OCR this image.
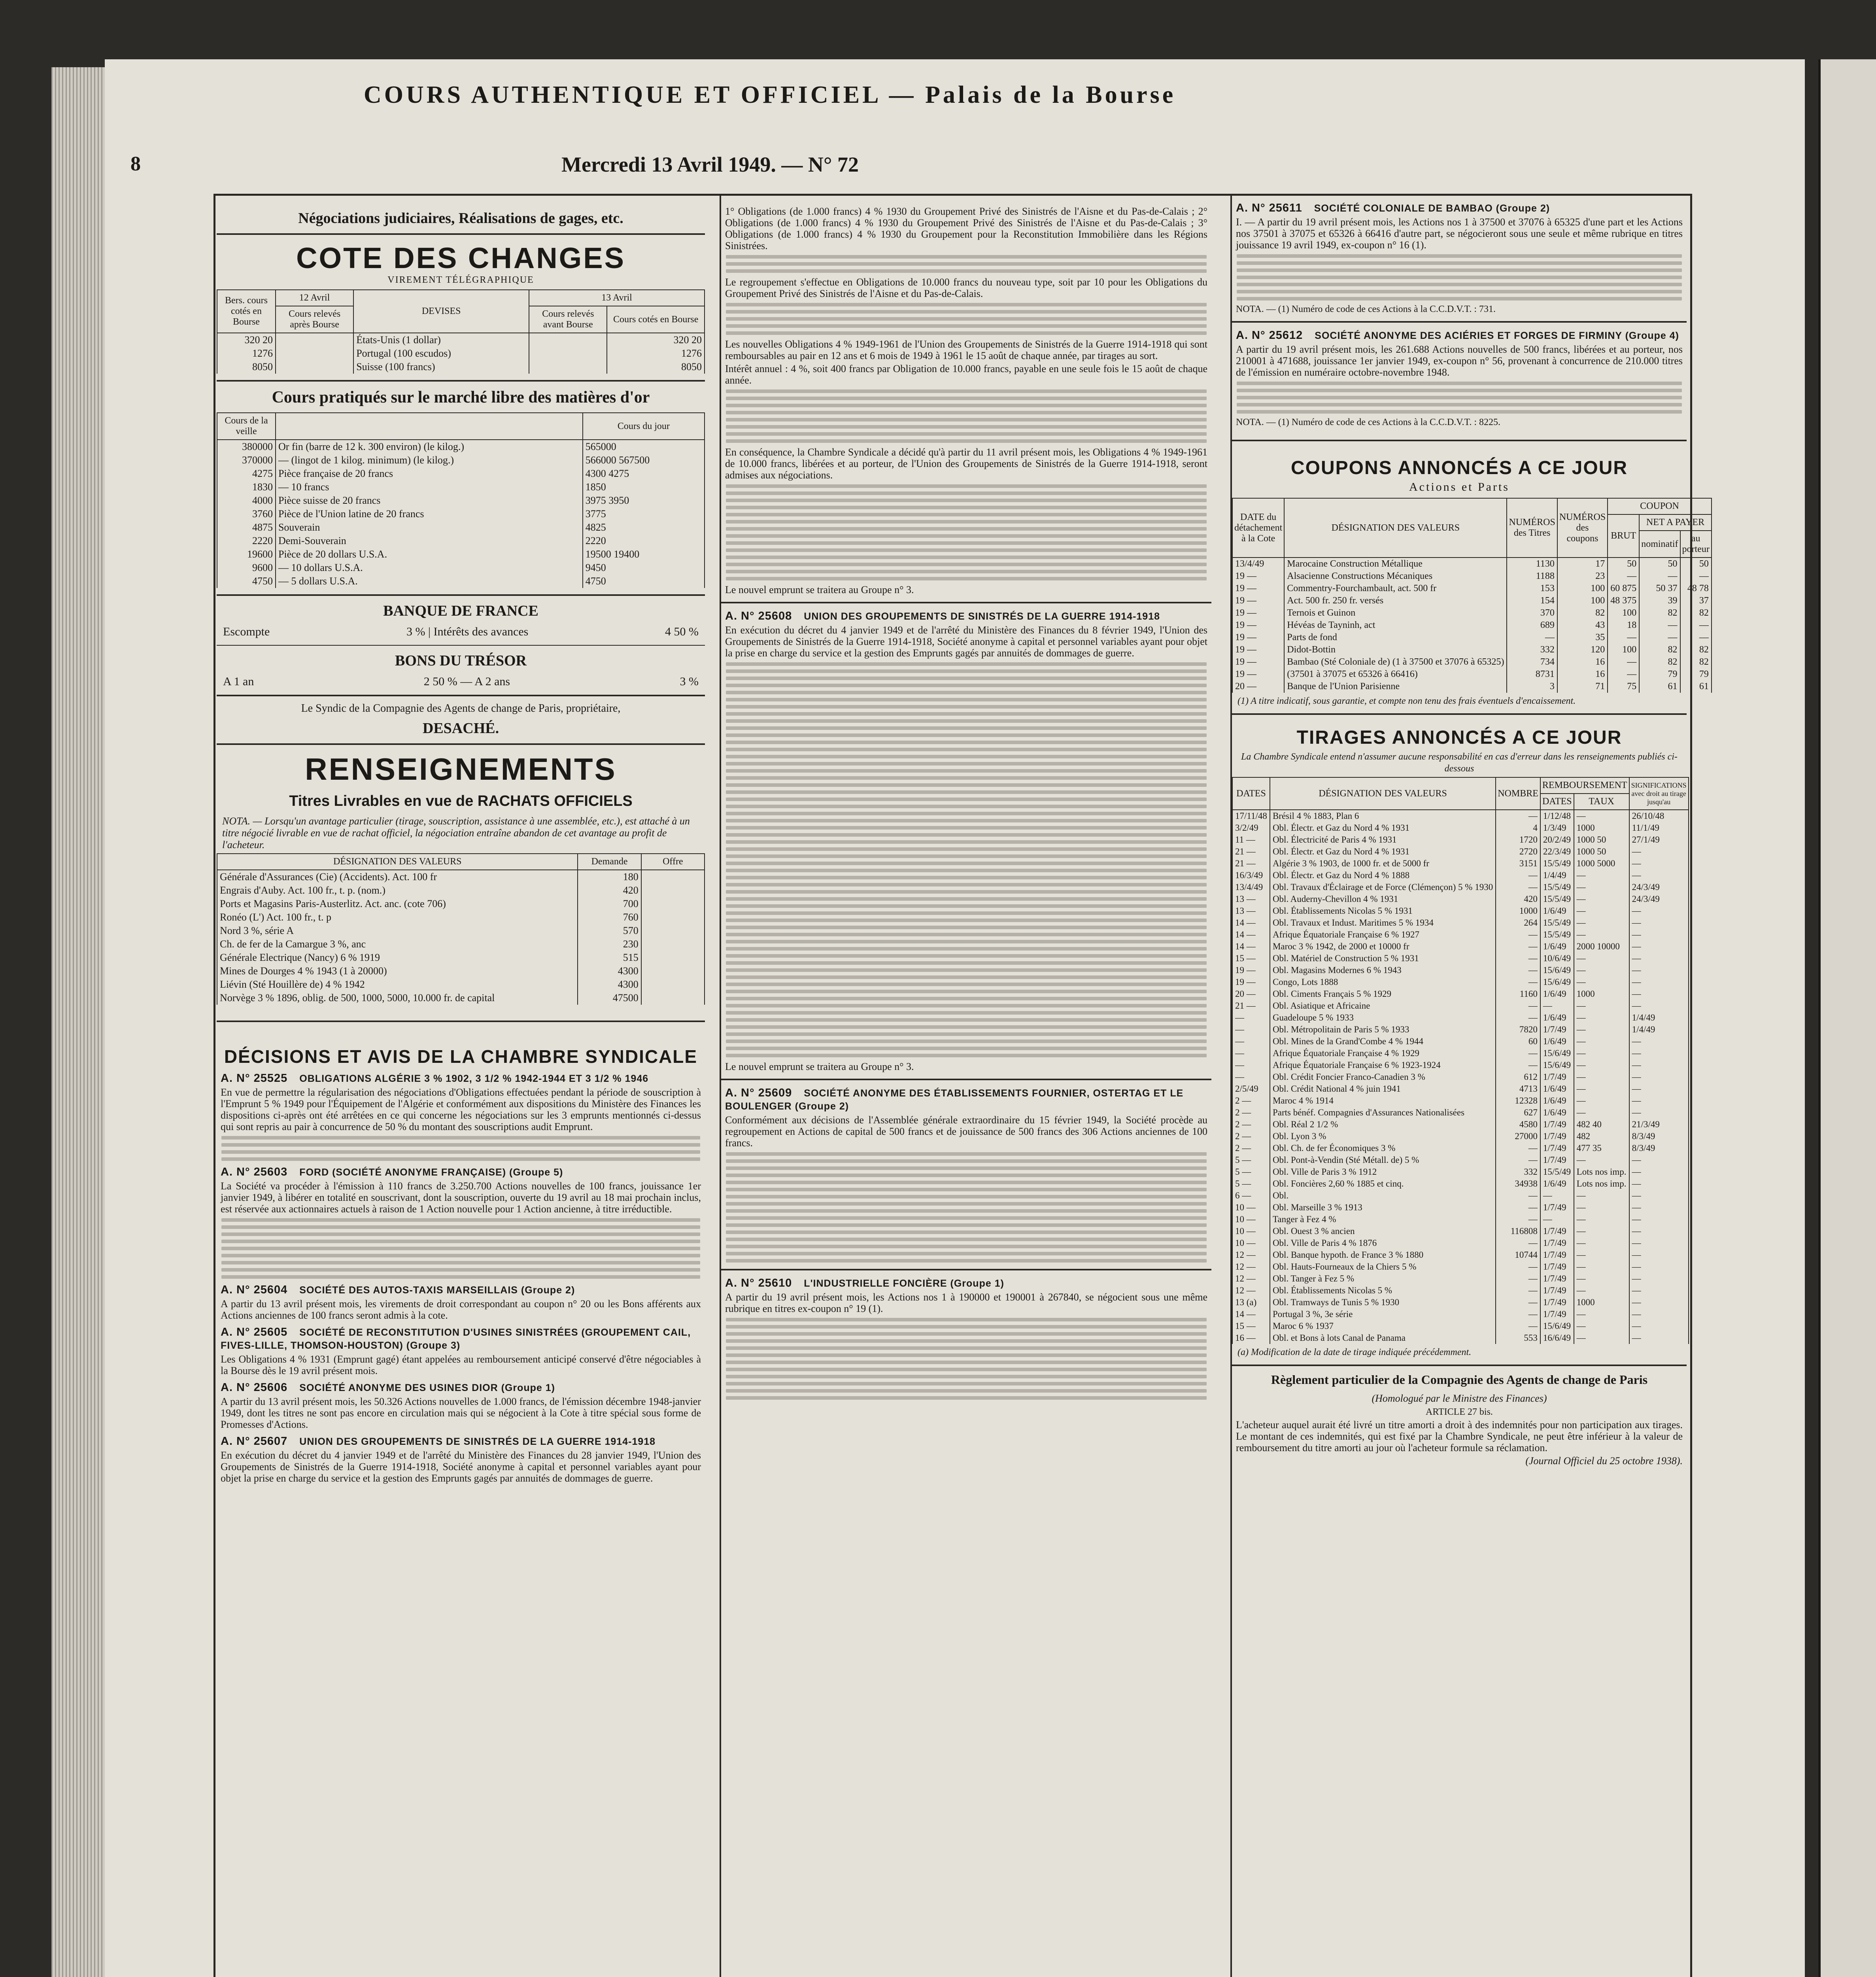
COURS AUTHENTIQUE ET OFFICIEL — Palais de la Bourse
8	Mercredi 13 Avril 1949. — N° 72
Négociations judiciaires, Réalisations de gages, etc.
COTE DES CHANGES
VIREMENT TÉLÉGRAPHIQUE
Bers. cours cotés en Bourse	12 Avril	DEVISES	13 Avril	
	Cours relevés après Bourse		Cours relevés avant Bourse	Cours cotés en Bourse
320 20		États-Unis (1 dollar)		320 20
1276		Portugal (100 escudos)		1276
8050		Suisse (100 francs)		8050
Cours pratiqués sur le marché libre des matières d'or
Cours de la veille		Cours du jour
380000	Or fin (barre de 12 k. 300 environ) (le kilog.)	565000
370000	— (lingot de 1 kilog. minimum) (le kilog.)	566000 567500
4275	Pièce française de 20 francs	4300 4275
1830	— 10 francs	1850
4000	Pièce suisse de 20 francs	3975 3950
3760	Pièce de l'Union latine de 20 francs	3775
4875	Souverain	4825
2220	Demi-Souverain	2220
19600	Pièce de 20 dollars U.S.A.	19500 19400
9600	— 10 dollars U.S.A.	9450
4750	— 5 dollars U.S.A.	4750
BANQUE DE FRANCE
Escompte	3 % | Intérêts des avances	4 50 %
BONS DU TRÉSOR
A 1 an	2 50 % — A 2 ans	3 %
Le Syndic de la Compagnie des Agents de change de Paris, propriétaire,
DESACHÉ.
RENSEIGNEMENTS
Titres Livrables en vue de RACHATS OFFICIELS
NOTA. — Lorsqu'un avantage particulier (tirage, souscription, assistance à une assemblée, etc.), est attaché à un titre négocié livrable en vue de rachat officiel, la négociation entraîne abandon de cet avantage au profit de l'acheteur.
DÉSIGNATION DES VALEURS	Demande	Offre
Générale d'Assurances (Cie) (Accidents). Act. 100 fr	180	
Engrais d'Auby. Act. 100 fr., t. p. (nom.)	420	
Ports et Magasins Paris-Austerlitz. Act. anc. (cote 706)	700	
Ronéo (L') Act. 100 fr., t. p	760	
Nord 3 %, série A	570	
Ch. de fer de la Camargue 3 %, anc	230	
Générale Electrique (Nancy) 6 % 1919	515	
Mines de Dourges 4 % 1943 (1 à 20000)	4300	
Liévin (Sté Houillère de) 4 % 1942	4300	
Norvège 3 % 1896, oblig. de 500, 1000, 5000, 10.000 fr. de capital	47500	
DÉCISIONS ET AVIS DE LA CHAMBRE SYNDICALE
A. N° 25525 OBLIGATIONS ALGÉRIE 3 % 1902, 3 1/2 % 1942-1944 ET 3 1/2 % 1946
En vue de permettre la régularisation des négociations d'Obligations effectuées pendant la période de souscription à l'Emprunt 5 % 1949 pour l'Équipement de l'Algérie et conformément aux dispositions du Ministère des Finances les dispositions ci-après ont été arrêtées en ce qui concerne les négociations sur les 3 emprunts mentionnés ci-dessus qui sont repris au pair à concurrence de 50 % du montant des souscriptions audit Emprunt.
A. N° 25603 FORD (SOCIÉTÉ ANONYME FRANÇAISE) (Groupe 5)
La Société va procéder à l'émission à 110 francs de 3.250.700 Actions nouvelles de 100 francs, jouissance 1er janvier 1949, à libérer en totalité en souscrivant, dont la souscription, ouverte du 19 avril au 18 mai prochain inclus, est réservée aux actionnaires actuels à raison de 1 Action nouvelle pour 1 Action ancienne, à titre irréductible.
A. N° 25604 SOCIÉTÉ DES AUTOS-TAXIS MARSEILLAIS (Groupe 2)
A partir du 13 avril présent mois, les virements de droit correspondant au coupon n° 20 ou les Bons afférents aux Actions anciennes de 100 francs seront admis à la cote.
A. N° 25605 SOCIÉTÉ DE RECONSTITUTION D'USINES SINISTRÉES (GROUPEMENT CAIL, FIVES-LILLE, THOMSON-HOUSTON) (Groupe 3)
Les Obligations 4 % 1931 (Emprunt gagé) étant appelées au remboursement anticipé conservé d'être négociables à la Bourse dès le 19 avril présent mois.
A. N° 25606 SOCIÉTÉ ANONYME DES USINES DIOR (Groupe 1)
A partir du 13 avril présent mois, les 50.326 Actions nouvelles de 1.000 francs, de l'émission décembre 1948-janvier 1949, dont les titres ne sont pas encore en circulation mais qui se négocient à la Cote à titre spécial sous forme de Promesses d'Actions.
A. N° 25607 UNION DES GROUPEMENTS DE SINISTRÉS DE LA GUERRE 1914-1918
En exécution du décret du 4 janvier 1949 et de l'arrêté du Ministère des Finances du 28 janvier 1949, l'Union des Groupements de Sinistrés de la Guerre 1914-1918, Société anonyme à capital et personnel variables ayant pour objet la prise en charge du service et la gestion des Emprunts gagés par annuités de dommages de guerre.
1° Obligations (de 1.000 francs) 4 % 1930 du Groupement Privé des Sinistrés de l'Aisne et du Pas-de-Calais ; 2° Obligations (de 1.000 francs) 4 % 1930 du Groupement Privé des Sinistrés de l'Aisne et du Pas-de-Calais ; 3° Obligations (de 1.000 francs) 4 % 1930 du Groupement pour la Reconstitution Immobilière dans les Régions Sinistrées.
Le regroupement s'effectue en Obligations de 10.000 francs du nouveau type, soit par 10 pour les Obligations du Groupement Privé des Sinistrés de l'Aisne et du Pas-de-Calais.
Les nouvelles Obligations 4 % 1949-1961 de l'Union des Groupements de Sinistrés de la Guerre 1914-1918 qui sont remboursables au pair en 12 ans et 6 mois de 1949 à 1961 le 15 août de chaque année, par tirages au sort.
Intérêt annuel : 4 %, soit 400 francs par Obligation de 10.000 francs, payable en une seule fois le 15 août de chaque année.
En conséquence, la Chambre Syndicale a décidé qu'à partir du 11 avril présent mois, les Obligations 4 % 1949-1961 de 10.000 francs, libérées et au porteur, de l'Union des Groupements de Sinistrés de la Guerre 1914-1918, seront admises aux négociations.
Le nouvel emprunt se traitera au Groupe n° 3.
A. N° 25608 UNION DES GROUPEMENTS DE SINISTRÉS DE LA GUERRE 1914-1918
En exécution du décret du 4 janvier 1949 et de l'arrêté du Ministère des Finances du 8 février 1949, l'Union des Groupements de Sinistrés de la Guerre 1914-1918, Société anonyme à capital et personnel variables ayant pour objet la prise en charge du service et la gestion des Emprunts gagés par annuités de dommages de guerre.
Le nouvel emprunt se traitera au Groupe n° 3.
A. N° 25609 SOCIÉTÉ ANONYME DES ÉTABLISSEMENTS FOURNIER, OSTERTAG ET LE BOULENGER (Groupe 2)
Conformément aux décisions de l'Assemblée générale extraordinaire du 15 février 1949, la Société procède au regroupement en Actions de capital de 500 francs et de jouissance de 500 francs des 306 Actions anciennes de 100 francs.
A. N° 25610 L'INDUSTRIELLE FONCIÈRE (Groupe 1)
A partir du 19 avril présent mois, les Actions nos 1 à 190000 et 190001 à 267840, se négocient sous une même rubrique en titres ex-coupon n° 19 (1).
A. N° 25611 SOCIÉTÉ COLONIALE DE BAMBAO (Groupe 2)
I. — A partir du 19 avril présent mois, les Actions nos 1 à 37500 et 37076 à 65325 d'une part et les Actions nos 37501 à 37075 et 65326 à 66416 d'autre part, se négocieront sous une seule et même rubrique en titres jouissance 19 avril 1949, ex-coupon n° 16 (1).
NOTA. — (1) Numéro de code de ces Actions à la C.C.D.V.T. : 731.
A. N° 25612 SOCIÉTÉ ANONYME DES ACIÉRIES ET FORGES DE FIRMINY (Groupe 4)
A partir du 19 avril présent mois, les 261.688 Actions nouvelles de 500 francs, libérées et au porteur, nos 210001 à 471688, jouissance 1er janvier 1949, ex-coupon n° 56, provenant à concurrence de 210.000 titres de l'émission en numéraire octobre-novembre 1948.
NOTA. — (1) Numéro de code de ces Actions à la C.C.D.V.T. : 8225.
COUPONS ANNONCÉS A CE JOUR
Actions et Parts
DATE du détachement à la Cote	DÉSIGNATION DES VALEURS	NUMÉROS des Titres	NUMÉROS des coupons	COUPON		
				BRUT	NET A PAYER	
					nominatif	au porteur
13/4/49	Marocaine Construction Métallique	1130	17	50	50	50
19 —	Alsacienne Constructions Mécaniques	1188	23	—	—	—
19 —	Commentry-Fourchambault, act. 500 fr	153	100	60 875	50 37	48 78
19 —	Act. 500 fr. 250 fr. versés	154	100	48 375	39	37
19 —	Ternois et Guinon	370	82	100	82	82
19 —	Hévéas de Tayninh, act	689	43	18	—	—
19 —	Parts de fond	—	35	—	—	—
19 —	Didot-Bottin	332	120	100	82	82
19 —	Bambao (Sté Coloniale de) (1 à 37500 et 37076 à 65325)	734	16	—	82	82
19 —	(37501 à 37075 et 65326 à 66416)	8731	16	—	79	79
20 —	Banque de l'Union Parisienne	3	71	75	61	61
(1) A titre indicatif, sous garantie, et compte non tenu des frais éventuels d'encaissement.
TIRAGES ANNONCÉS A CE JOUR
La Chambre Syndicale entend n'assumer aucune responsabilité en cas d'erreur dans les renseignements publiés ci-dessous
DATES	DÉSIGNATION DES VALEURS	NOMBRE	REMBOURSEMENT		SIGNIFICATIONS avec droit au tirage jusqu'au
			DATES	TAUX	
17/11/48	Brésil 4 % 1883, Plan 6	—	1/12/48	—	26/10/48
3/2/49	Obl. Électr. et Gaz du Nord 4 % 1931	4	1/3/49	1000	11/1/49
11 —	Obl. Électricité de Paris 4 % 1931	1720	20/2/49	1000 50	27/1/49
21 —	Obl. Électr. et Gaz du Nord 4 % 1931	2720	22/3/49	1000 50	—
21 —	Algérie 3 % 1903, de 1000 fr. et de 5000 fr	3151	15/5/49	1000 5000	—
16/3/49	Obl. Électr. et Gaz du Nord 4 % 1888	—	1/4/49	—	—
13/4/49	Obl. Travaux d'Éclairage et de Force (Clémençon) 5 % 1930	—	15/5/49	—	24/3/49
13 —	Obl. Auderny-Chevillon 4 % 1931	420	15/5/49	—	24/3/49
13 —	Obl. Établissements Nicolas 5 % 1931	1000	1/6/49	—	—
14 —	Obl. Travaux et Indust. Maritimes 5 % 1934	264	15/5/49	—	—
14 —	Afrique Équatoriale Française 6 % 1927	—	15/5/49	—	—
14 —	Maroc 3 % 1942, de 2000 et 10000 fr	—	1/6/49	2000 10000	—
15 —	Obl. Matériel de Construction 5 % 1931	—	10/6/49	—	—
19 —	Obl. Magasins Modernes 6 % 1943	—	15/6/49	—	—
19 —	Congo, Lots 1888	—	15/6/49	—	—
20 —	Obl. Ciments Français 5 % 1929	1160	1/6/49	1000	—
21 —	Obl. Asiatique et Africaine	—	—	—	—
—	Guadeloupe 5 % 1933	—	1/6/49	—	1/4/49
—	Obl. Métropolitain de Paris 5 % 1933	7820	1/7/49	—	1/4/49
—	Obl. Mines de la Grand'Combe 4 % 1944	60	1/6/49	—	—
—	Afrique Équatoriale Française 4 % 1929	—	15/6/49	—	—
—	Afrique Équatoriale Française 6 % 1923-1924	—	15/6/49	—	—
—	Obl. Crédit Foncier Franco-Canadien 3 %	612	1/7/49	—	—
2/5/49	Obl. Crédit National 4 % juin 1941	4713	1/6/49	—	—
2 —	Maroc 4 % 1914	12328	1/6/49	—	—
2 —	Parts bénéf. Compagnies d'Assurances Nationalisées	627	1/6/49	—	—
2 —	Obl. Réal 2 1/2 %	4580	1/7/49	482 40	21/3/49
2 —	Obl. Lyon 3 %	27000	1/7/49	482	8/3/49
2 —	Obl. Ch. de fer Économiques 3 %	—	1/7/49	477 35	8/3/49
5 —	Obl. Pont-à-Vendin (Sté Métall. de) 5 %	—	1/7/49	—	—
5 —	Obl. Ville de Paris 3 % 1912	332	15/5/49	Lots nos imp.	—
5 —	Obl. Foncières 2,60 % 1885 et cinq.	34938	1/6/49	Lots nos imp.	—
6 —	Obl.	—	—	—	—
10 —	Obl. Marseille 3 % 1913	—	1/7/49	—	—
10 —	Tanger à Fez 4 %	—	—	—	—
10 —	Obl. Ouest 3 % ancien	116808	1/7/49	—	—
10 —	Obl. Ville de Paris 4 % 1876	—	1/7/49	—	—
12 —	Obl. Banque hypoth. de France 3 % 1880	10744	1/7/49	—	—
12 —	Obl. Hauts-Fourneaux de la Chiers 5 %	—	1/7/49	—	—
12 —	Obl. Tanger à Fez 5 %	—	1/7/49	—	—
12 —	Obl. Établissements Nicolas 5 %	—	1/7/49	—	—
13 (a)	Obl. Tramways de Tunis 5 % 1930	—	1/7/49	1000	—
14 —	Portugal 3 %, 3e série	—	1/7/49	—	—
15 —	Maroc 6 % 1937	—	15/6/49	—	—
16 —	Obl. et Bons à lots Canal de Panama	553	16/6/49	—	—
(a) Modification de la date de tirage indiquée précédemment.
Règlement particulier de la Compagnie des Agents de change de Paris
(Homologué par le Ministre des Finances)
ARTICLE 27 bis.
L'acheteur auquel aurait été livré un titre amorti a droit à des indemnités pour non participation aux tirages. Le montant de ces indemnités, qui est fixé par la Chambre Syndicale, ne peut être inférieur à la valeur de remboursement du titre amorti au jour où l'acheteur formule sa réclamation.
(Journal Officiel du 25 octobre 1938).
